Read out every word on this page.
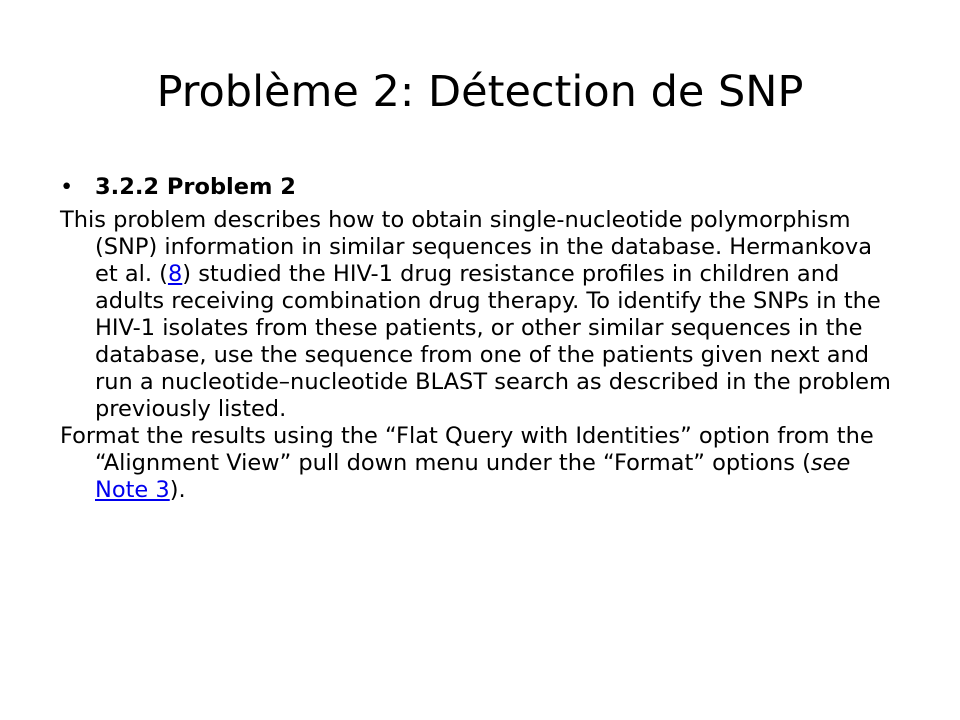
Problème 2: Détection de SNP
• 3.2.2 Problem 2

This problem describes how to obtain single-nucleotide polymorphism (SNP) information in similar sequences in the database. Hermankova et al. (8) studied the HIV-1 drug resistance profiles in children and adults receiving combination drug therapy. To identify the SNPs in the HIV-1 isolates from these patients, or other similar sequences in the database, use the sequence from one of the patients given next and run a nucleotide–nucleotide BLAST search as described in the problem previously listed.

Format the results using the “Flat Query with Identities” option from the “Alignment View” pull down menu under the “Format” options (see Note 3).
